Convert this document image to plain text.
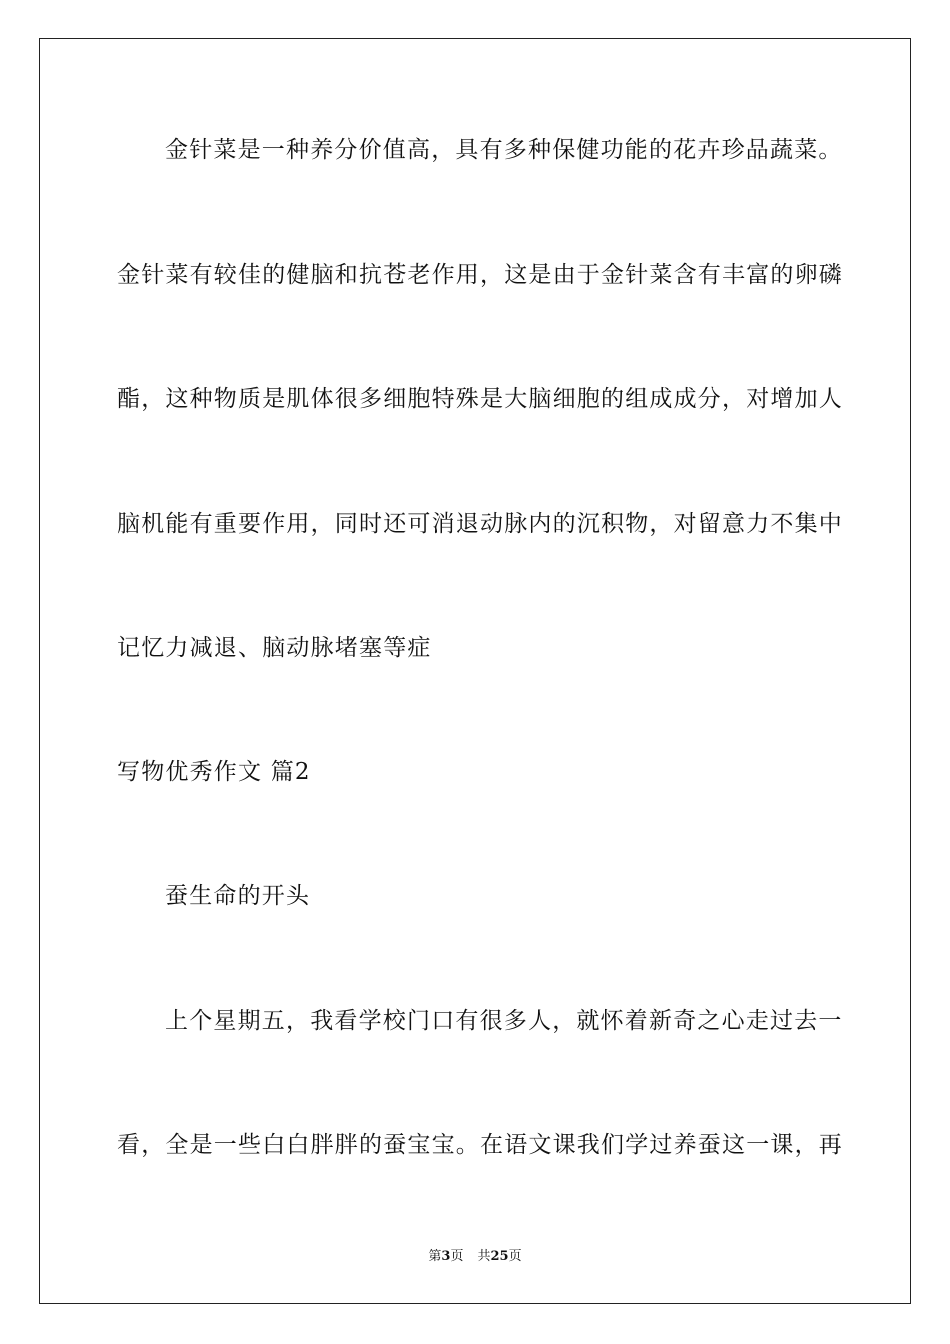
金针菜是一种养分价值高，具有多种保健功能的花卉珍品蔬菜。
金针菜有较佳的健脑和抗苍老作用，这是由于金针菜含有丰富的卵磷
酯，这种物质是肌体很多细胞特殊是大脑细胞的组成成分，对增加人
脑机能有重要作用，同时还可消退动脉内的沉积物，对留意力不集中
记忆力减退、脑动脉堵塞等症
写物优秀作文 篇2
蚕生命的开头
上个星期五，我看学校门口有很多人，就怀着新奇之心走过去一
看，全是一些白白胖胖的蚕宝宝。在语文课我们学过养蚕这一课，再
第3页 共25页
